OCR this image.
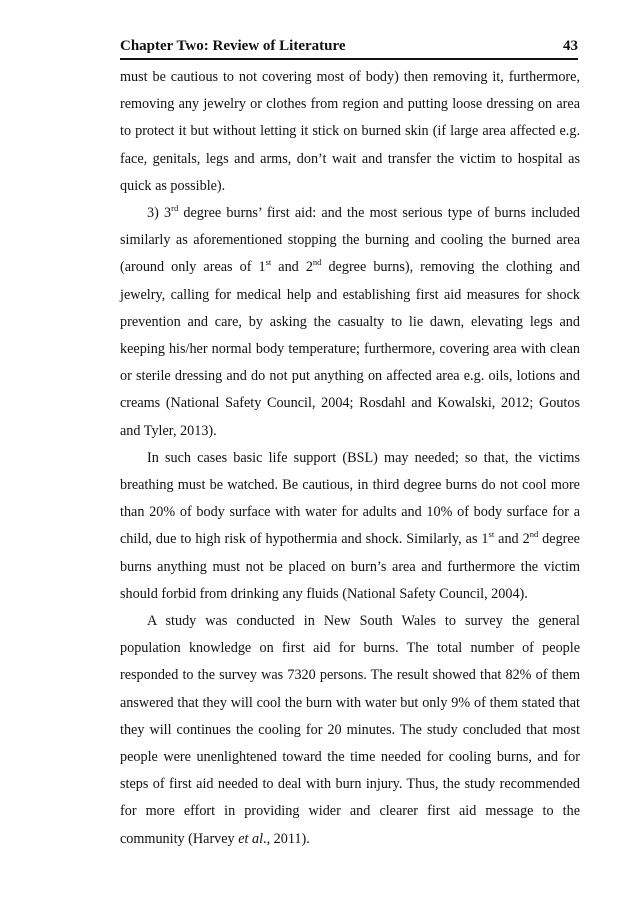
Chapter Two: Review of Literature	43

must be cautious to not covering most of body) then removing it, furthermore, removing any jewelry or clothes from region and putting loose dressing on area to protect it but without letting it stick on burned skin (if large area affected e.g. face, genitals, legs and arms, don’t wait and transfer the victim to hospital as quick as possible).

3) 3rd degree burns’ first aid: and the most serious type of burns included similarly as aforementioned stopping the burning and cooling the burned area (around only areas of 1st and 2nd degree burns), removing the clothing and jewelry, calling for medical help and establishing first aid measures for shock prevention and care, by asking the casualty to lie dawn, elevating legs and keeping his/her normal body temperature; furthermore, covering area with clean or sterile dressing and do not put anything on affected area e.g. oils, lotions and creams (National Safety Council, 2004; Rosdahl and Kowalski, 2012; Goutos and Tyler, 2013).

In such cases basic life support (BSL) may needed; so that, the victims breathing must be watched. Be cautious, in third degree burns do not cool more than 20% of body surface with water for adults and 10% of body surface for a child, due to high risk of hypothermia and shock. Similarly, as 1st and 2nd degree burns anything must not be placed on burn’s area and furthermore the victim should forbid from drinking any fluids (National Safety Council, 2004).

A study was conducted in New South Wales to survey the general population knowledge on first aid for burns. The total number of people responded to the survey was 7320 persons. The result showed that 82% of them answered that they will cool the burn with water but only 9% of them stated that they will continues the cooling for 20 minutes. The study concluded that most people were unenlightened toward the time needed for cooling burns, and for steps of first aid needed to deal with burn injury. Thus, the study recommended for more effort in providing wider and clearer first aid message to the community (Harvey et al., 2011).
